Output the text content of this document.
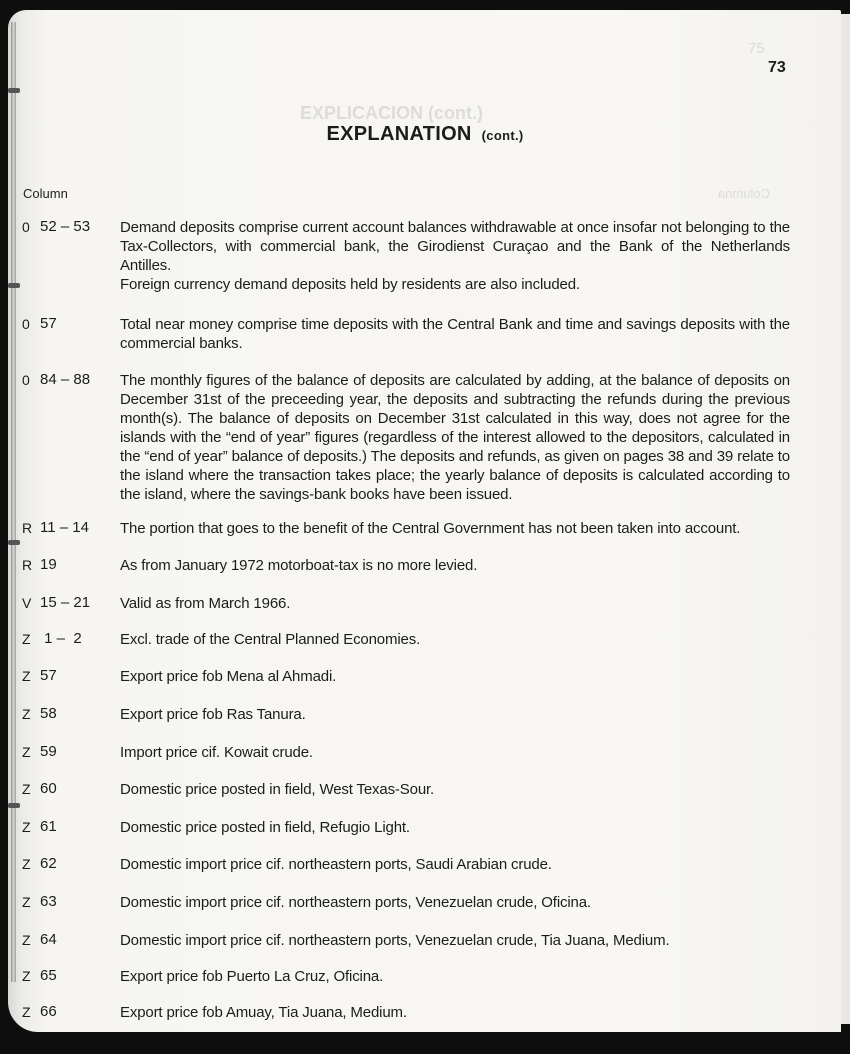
75
EXPLICACION (cont.)
Columna
73
EXPLANATION (cont.)
Column
0 52 – 53 Demand deposits comprise current account balances withdrawable at once insofar not belonging to the Tax-Collectors, with commercial bank, the Girodienst Curaçao and the Bank of the Netherlands Antilles.

Foreign currency demand deposits held by residents are also included.

0 57	Total near money comprise time deposits with the Central Bank and time and savings deposits with the commercial banks.

0 84 – 88 The monthly figures of the balance of deposits are calculated by adding, at the balance of deposits on December 31st of the preceeding year, the deposits and subtracting the refunds during the previous month(s). The balance of deposits on December 31st calculated in this way, does not agree for the islands with the “end of year” figures (regardless of the interest allowed to the depositors, calculated in the “end of year” balance of deposits.) The deposits and refunds, as given on pages 38 and 39 relate to the island where the transaction takes place; the yearly balance of deposits is calculated according to the island, where the savings-bank books have been issued.

R 11 – 14 The portion that goes to the benefit of the Central Government has not been taken into account.

R 19	As from January 1972 motorboat-tax is no more levied.

V 15 – 21 Valid as from March 1966.

Z 1 –  2	Excl. trade of the Central Planned Economies.

Z 57	Export price fob Mena al Ahmadi.

Z 58	Export price fob Ras Tanura.

Z 59	Import price cif. Kowait crude.

Z 60	Domestic price posted in field, West Texas-Sour.

Z 61	Domestic price posted in field, Refugio Light.

Z 62	Domestic import price cif. northeastern ports, Saudi Arabian crude.

Z 63	Domestic import price cif. northeastern ports, Venezuelan crude, Oficina.

Z 64	Domestic import price cif. northeastern ports, Venezuelan crude, Tia Juana, Medium.

Z 65	Export price fob Puerto La Cruz, Oficina.

Z 66	Export price fob Amuay, Tia Juana, Medium.
